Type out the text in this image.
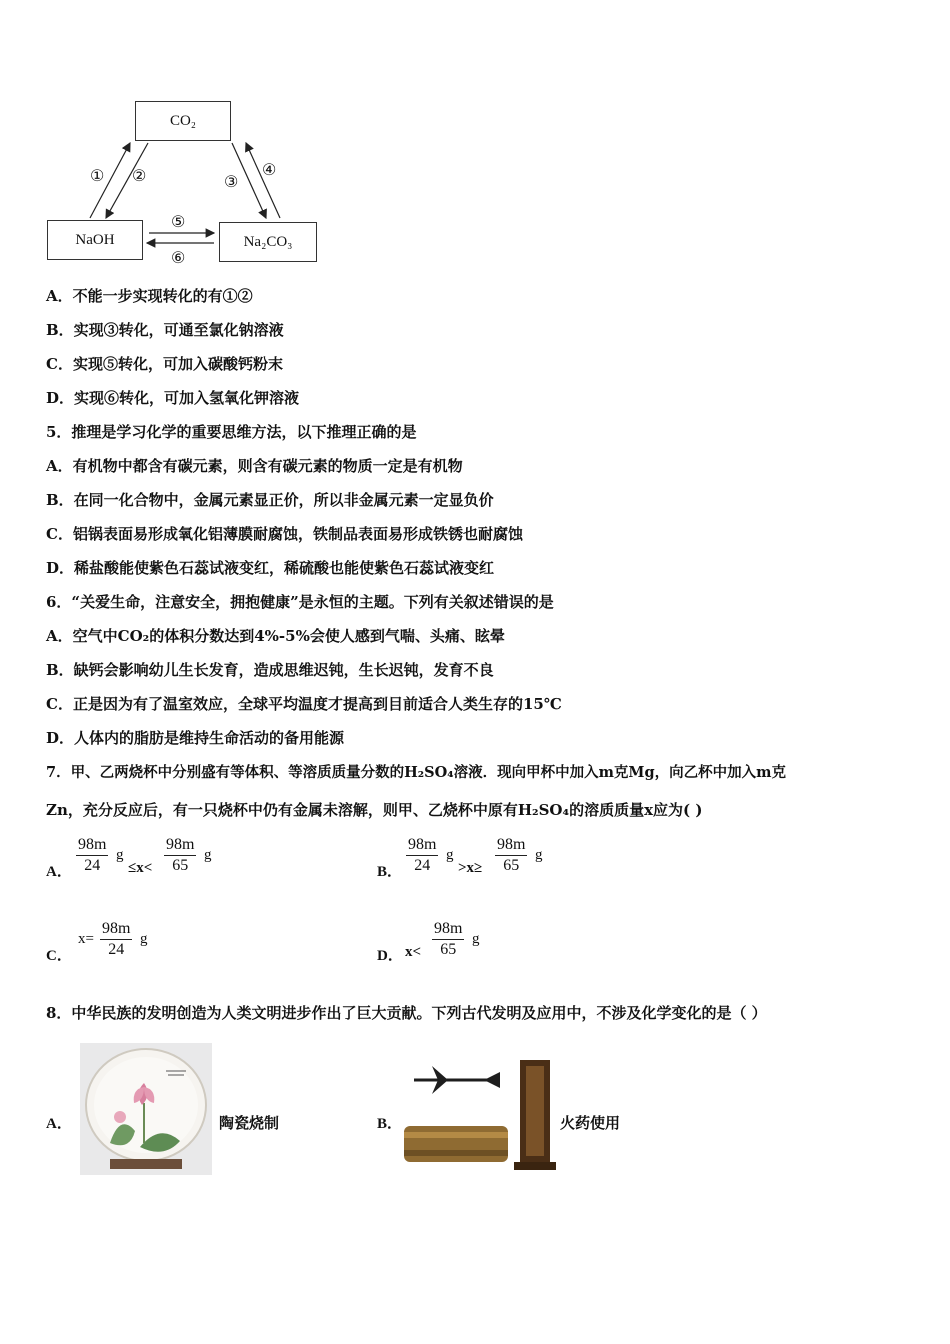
CO₂
NaOH	Na₂CO₃
① ②	③
④
⑤
⑥
A．不能一步实现转化的有①②
B．实现③转化，可通至氯化钠溶液
C．实现⑤转化，可加入碳酸钙粉末
D．实现⑥转化，可加入氢氧化钾溶液
5．推理是学习化学的重要思维方法，以下推理正确的是
A．有机物中都含有碳元素，则含有碳元素的物质一定是有机物
B．在同一化合物中，金属元素显正价，所以非金属元素一定显负价
C．铝锅表面易形成氧化铝薄膜耐腐蚀，铁制品表面易形成铁锈也耐腐蚀
D．稀盐酸能使紫色石蕊试液变红，稀硫酸也能使紫色石蕊试液变红
6．“关爱生命，注意安全，拥抱健康”是永恒的主题。下列有关叙述错误的是
A．空气中CO₂的体积分数达到4%-5%会使人感到气喘、头痛、眩晕
B．缺钙会影响幼儿生长发育，造成思维迟钝，生长迟钝，发育不良
C．正是因为有了温室效应，全球平均温度才提高到目前适合人类生存的15℃
D．人体内的脂肪是维持生命活动的备用能源
7．甲、乙两烧杯中分别盛有等体积、等溶质质量分数的H₂SO₄溶液．现向甲杯中加入m克Mg，向乙杯中加入m克
Zn，充分反应后，有一只烧杯中仍有金属未溶解，则甲、乙烧杯中原有H₂SO₄的溶质质量x应为( )
A． $\frac{98m}{24}$ g
$\le x< \frac{98m}{65}$ g
B． $\frac{98m}{24}$ g
$>x\ge \frac{98m}{65}$ g
C．
$x= \frac{98m}{24}$ g
D． $x< \frac{98m}{65}$ g
8．中华民族的发明创造为人类文明进步作出了巨大贡献。下列古代发明及应用中，不涉及化学变化的是（ ）
A．	陶瓷烧制	B．	火药使用
